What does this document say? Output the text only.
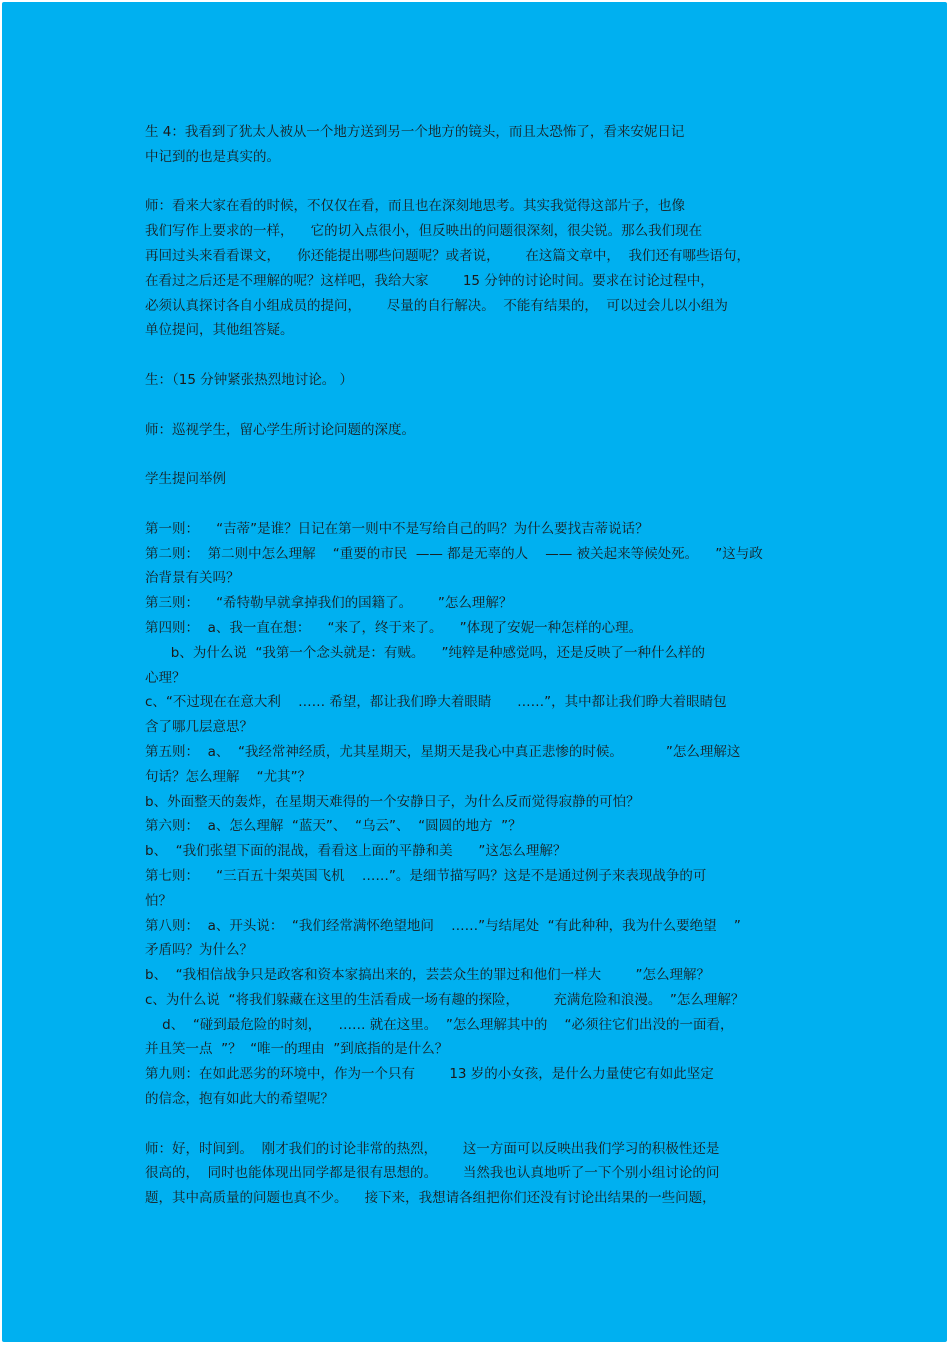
生 4：我看到了犹太人被从一个地方送到另一个地方的镜头，而且太恐怖了，看来安妮日记
中记到的也是真实的。
师：看来大家在看的时候，不仅仅在看，而且也在深刻地思考。其实我觉得这部片子，也像
我们写作上要求的一样，    它的切入点很小，但反映出的问题很深刻，很尖锐。那么我们现在
再回过头来看看课文，    你还能提出哪些问题呢？或者说，      在这篇文章中，  我们还有哪些语句，
在看过之后还是不理解的呢？这样吧，我给大家        15 分钟的讨论时间。要求在讨论过程中，
必须认真探讨各自小组成员的提问，      尽量的自行解决。  不能有结果的，  可以过会儿以小组为
单位提问，其他组答疑。
生：（15 分钟紧张热烈地讨论。 ）
师：巡视学生，留心学生所讨论问题的深度。
学生提问举例
第一则：    “吉蒂”是谁？日记在第一则中不是写给自己的吗？为什么要找吉蒂说话？
第二则：  第二则中怎么理解    “重要的市民  —— 都是无辜的人    —— 被关起来等候处死。    ”这与政
治背景有关吗？
第三则：    “希特勒早就拿掉我们的国籍了。      ”怎么理解？
第四则：  a、我一直在想：    “来了，终于来了。    ”体现了安妮一种怎样的心理。
b、为什么说  “我第一个念头就是：有贼。    ”纯粹是种感觉吗，还是反映了一种什么样的
心理？
c、“不过现在在意大利    …… 希望，都让我们睁大着眼睛      ……”，其中都让我们睁大着眼睛包
含了哪几层意思？
第五则：  a、  “我经常神经质，尤其星期天，星期天是我心中真正悲惨的时候。          ”怎么理解这
句话？怎么理解    “尤其”？
b、外面整天的轰炸，在星期天难得的一个安静日子，为什么反而觉得寂静的可怕？
第六则：  a、怎么理解  “蓝天”、  “乌云”、  “圆圆的地方  ”？
b、  “我们张望下面的混战，看看这上面的平静和美      ”这怎么理解？
第七则：    “三百五十架英国飞机    ……”。是细节描写吗？这是不是通过例子来表现战争的可
怕？
第八则：  a、开头说：  “我们经常满怀绝望地问    ……”与结尾处  “有此种种，我为什么要绝望    ”
矛盾吗？为什么？
b、  “我相信战争只是政客和资本家搞出来的，芸芸众生的罪过和他们一样大        ”怎么理解？
c、为什么说  “将我们躲藏在这里的生活看成一场有趣的探险，        充满危险和浪漫。  ”怎么理解？
d、  “碰到最危险的时刻，    …… 就在这里。  ”怎么理解其中的    “必须往它们出没的一面看，
并且笑一点  ”？  “唯一的理由  ”到底指的是什么？
第九则：在如此恶劣的环境中，作为一个只有        13 岁的小女孩，是什么力量使它有如此坚定
的信念，抱有如此大的希望呢？
师：好，时间到。  刚才我们的讨论非常的热烈，      这一方面可以反映出我们学习的积极性还是
很高的，  同时也能体现出同学都是很有思想的。      当然我也认真地听了一下个别小组讨论的问
题，其中高质量的问题也真不少。    接下来，我想请各组把你们还没有讨论出结果的一些问题，
